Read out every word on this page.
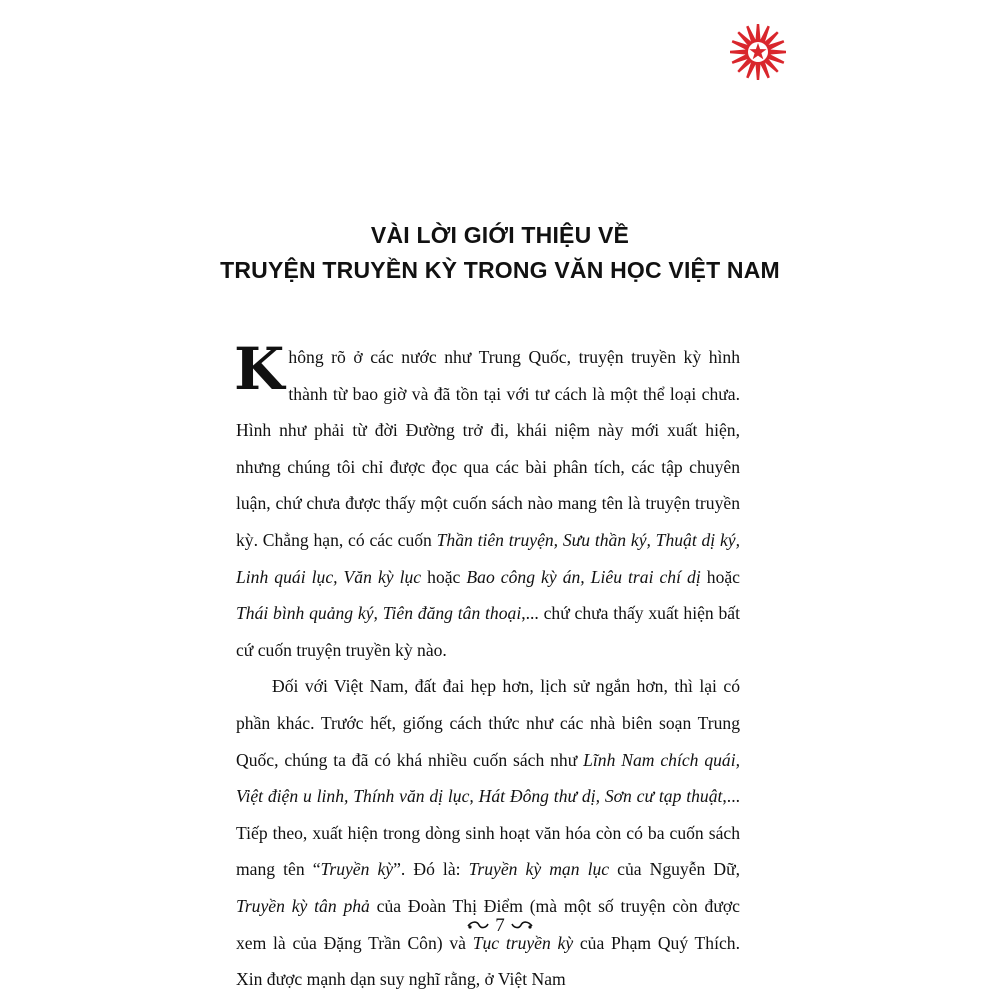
VÀI LỜI GIỚI THIỆU VỀ
TRUYỆN TRUYỀN KỲ TRONG VĂN HỌC VIỆT NAM

Không rõ ở các nước như Trung Quốc, truyện truyền kỳ hình thành từ bao giờ và đã tồn tại với tư cách là một thể loại chưa. Hình như phải từ đời Đường trở đi, khái niệm này mới xuất hiện, nhưng chúng tôi chỉ được đọc qua các bài phân tích, các tập chuyên luận, chứ chưa được thấy một cuốn sách nào mang tên là truyện truyền kỳ. Chẳng hạn, có các cuốn Thần tiên truyện, Sưu thần ký, Thuật dị ký, Linh quái lục, Văn kỳ lục hoặc Bao công kỳ án, Liêu trai chí dị hoặc Thái bình quảng ký, Tiên đăng tân thoại,... chứ chưa thấy xuất hiện bất cứ cuốn truyện truyền kỳ nào.

Đối với Việt Nam, đất đai hẹp hơn, lịch sử ngắn hơn, thì lại có phần khác. Trước hết, giống cách thức như các nhà biên soạn Trung Quốc, chúng ta đã có khá nhiều cuốn sách như Lĩnh Nam chích quái, Việt điện u linh, Thính văn dị lục, Hát Đông thư dị, Sơn cư tạp thuật,... Tiếp theo, xuất hiện trong dòng sinh hoạt văn hóa còn có ba cuốn sách mang tên “Truyền kỳ”. Đó là: Truyền kỳ mạn lục của Nguyễn Dữ, Truyền kỳ tân phả của Đoàn Thị Điểm (mà một số truyện còn được xem là của Đặng Trần Côn) và Tục truyền kỳ của Phạm Quý Thích. Xin được mạnh dạn suy nghĩ rằng, ở Việt Nam

7
